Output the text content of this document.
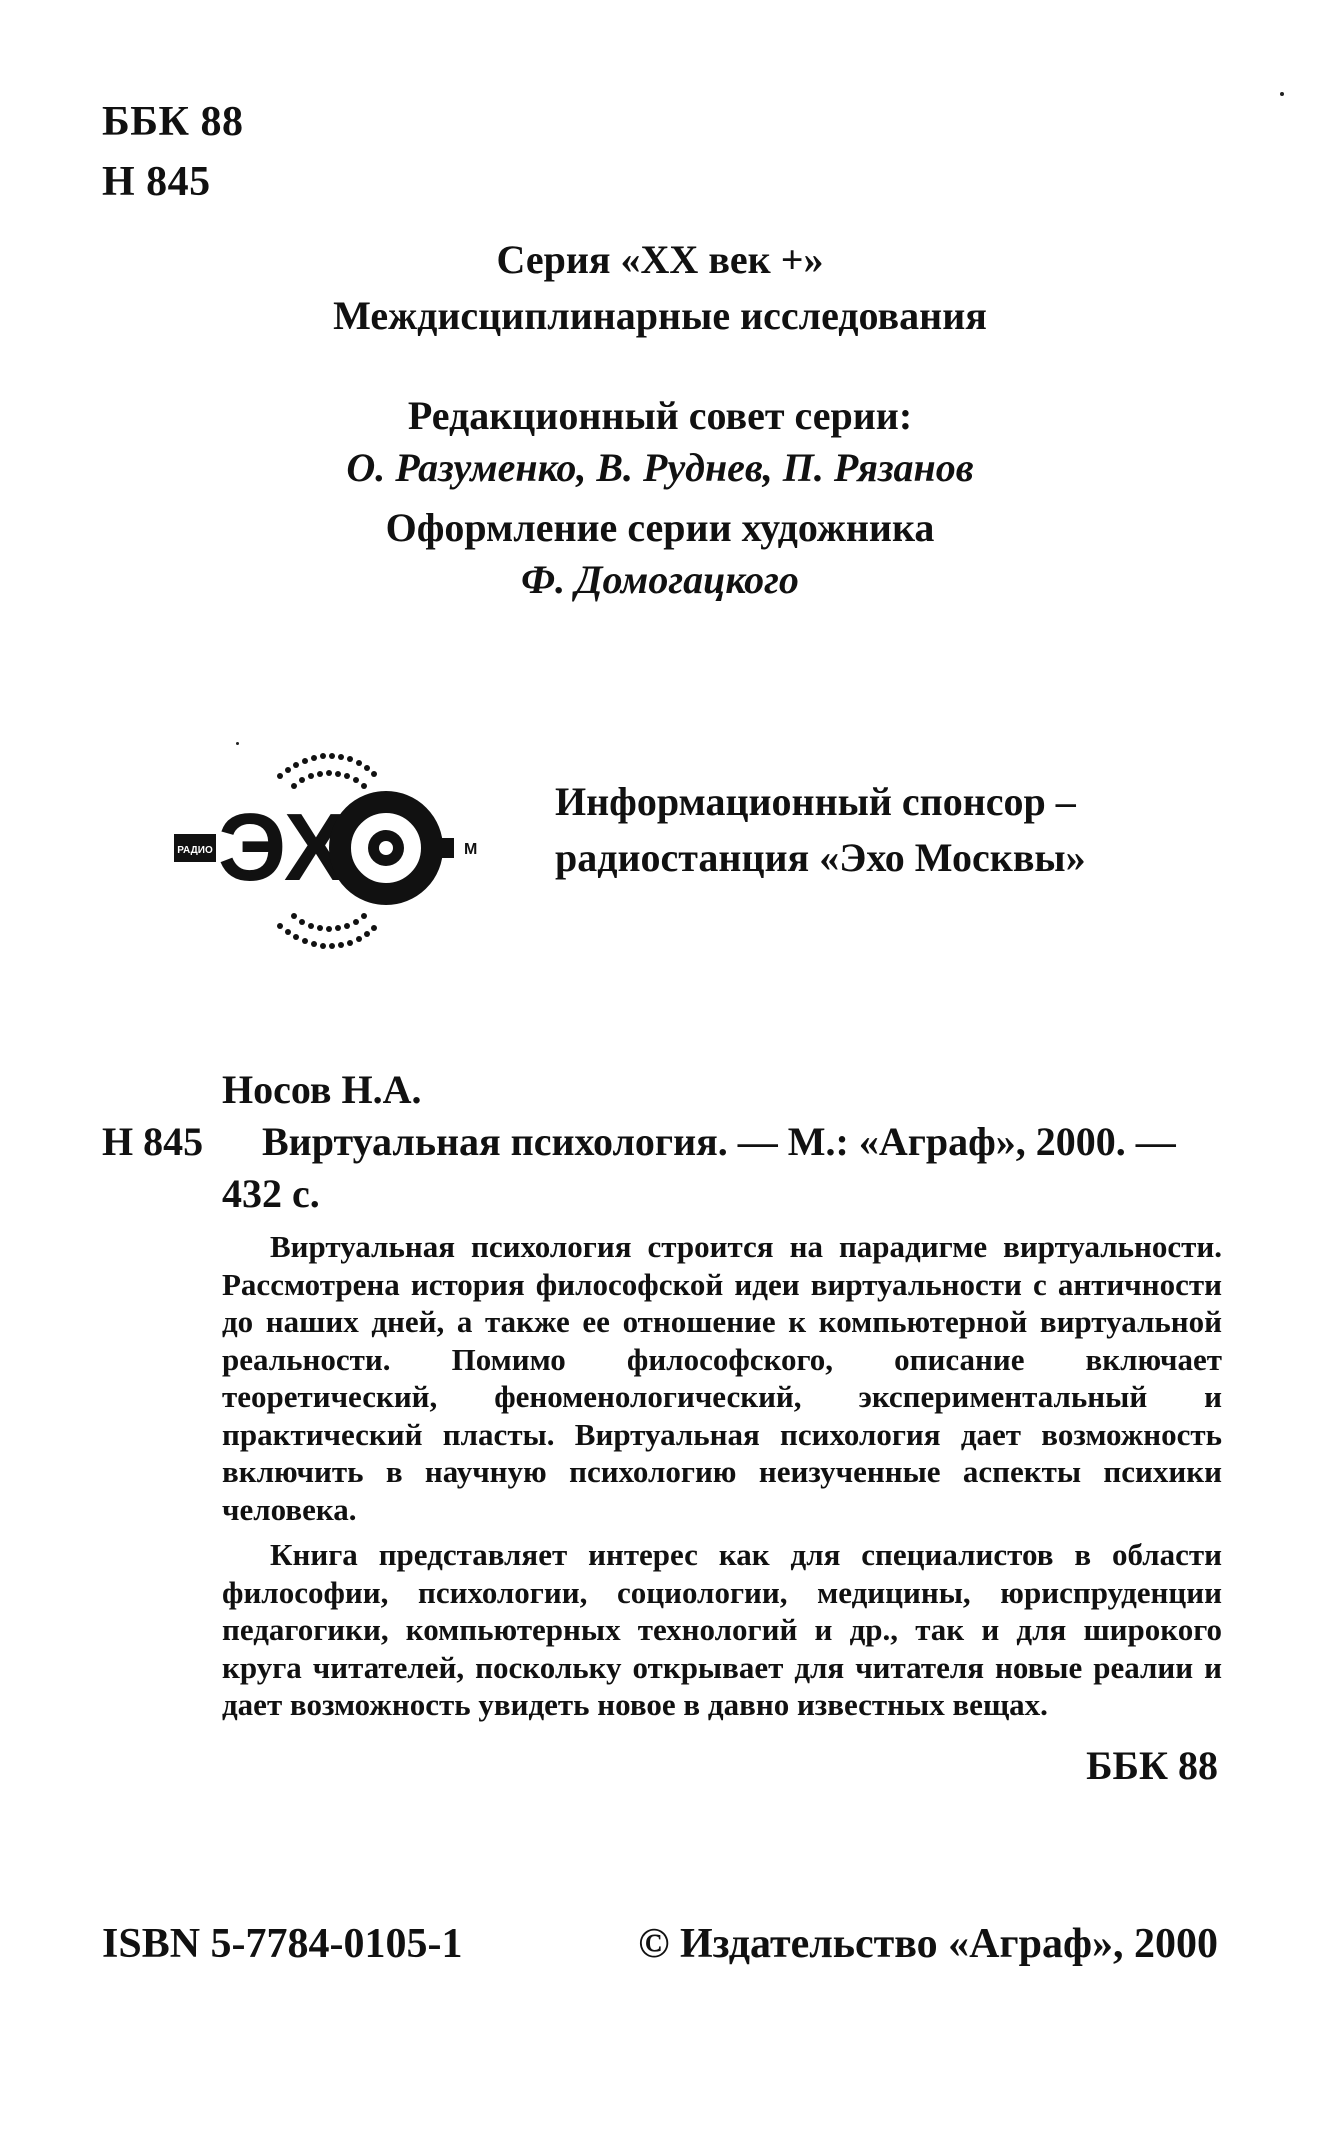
ББК 88
Н 845
Серия «XX век +»
Междисциплинарные исследования
Редакционный совет серии:
О. Разуменко, В. Руднев, П. Рязанов
Оформление серии художника
Ф. Домогацкого
РАДИО ЭХ	М
Информационный спонсор –
радиостанция «Эхо Москвы»
Носов Н.А.
Н 845 Виртуальная психология. — М.: «Аграф», 2000. —
432 с.

Виртуальная психология строится на парадигме виртуальности. Рассмотрена история философской идеи виртуальности с античности до наших дней, а также ее отношение к компьютерной виртуальной реальности. Помимо философского, описание включает теоретический, феноменологический, экспериментальный и практический пласты. Виртуальная психология дает возможность включить в научную психологию неизученные аспекты психики человека.

Книга представляет интерес как для специалистов в области философии, психологии, социологии, медицины, юриспруденции педагогики, компьютерных технологий и др., так и для широкого круга читателей, поскольку открывает для читателя новые реалии и дает возможность увидеть новое в давно известных вещах.

ББК 88
ISBN 5-7784-0105-1	© Издательство «Аграф», 2000
